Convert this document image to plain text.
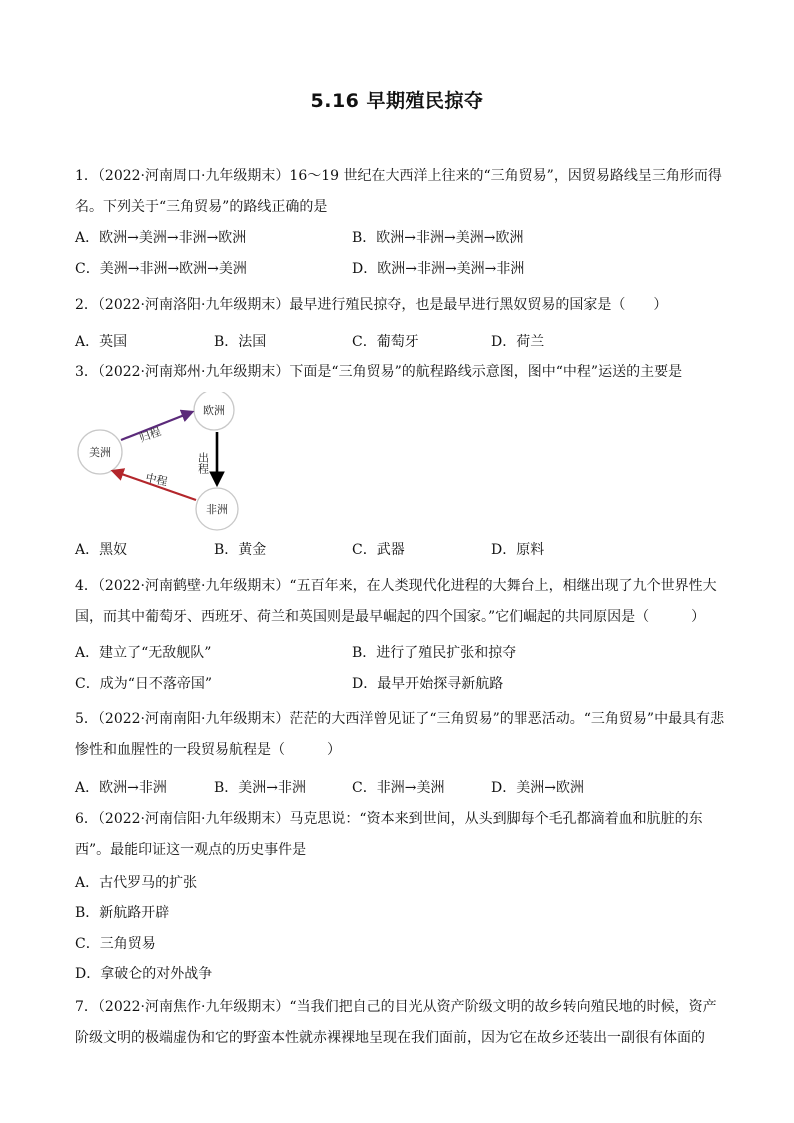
5.16 早期殖民掠夺
1．（2022·河南周口·九年级期末）16～19 世纪在大西洋上往来的“三角贸易”，因贸易路线呈三角形而得
名。下列关于“三角贸易”的路线正确的是
A．欧洲→美洲→非洲→欧洲	B．欧洲→非洲→美洲→欧洲
C．美洲→非洲→欧洲→美洲	D．欧洲→非洲→美洲→非洲
2．（2022·河南洛阳·九年级期末）最早进行殖民掠夺，也是最早进行黑奴贸易的国家是（　　）
A．英国	B．法国	C．葡萄牙	D．荷兰
3．（2022·河南郑州·九年级期末）下面是“三角贸易”的航程路线示意图，图中“中程”运送的主要是
美洲
欧洲
非洲
归程
出程
中程
A．黑奴	B．黄金	C．武器	D．原料
4．（2022·河南鹤壁·九年级期末）“五百年来，在人类现代化进程的大舞台上，相继出现了九个世界性大
国，而其中葡萄牙、西班牙、荷兰和英国则是最早崛起的四个国家。”它们崛起的共同原因是（　　　）
A．建立了“无敌舰队”	B．进行了殖民扩张和掠夺
C．成为“日不落帝国”	D．最早开始探寻新航路
5．（2022·河南南阳·九年级期末）茫茫的大西洋曾见证了“三角贸易”的罪恶活动。“三角贸易”中最具有悲
惨性和血腥性的一段贸易航程是（　　　）
A．欧洲→非洲	B．美洲→非洲	C．非洲→美洲	D．美洲→欧洲
6．（2022·河南信阳·九年级期末）马克思说：“资本来到世间，从头到脚每个毛孔都滴着血和肮脏的东
西”。最能印证这一观点的历史事件是
A．古代罗马的扩张
B．新航路开辟
C．三角贸易
D．拿破仑的对外战争
7．（2022·河南焦作·九年级期末）“当我们把自己的目光从资产阶级文明的故乡转向殖民地的时候，资产
阶级文明的极端虚伪和它的野蛮本性就赤裸裸地呈现在我们面前，因为它在故乡还装出一副很有体面的
